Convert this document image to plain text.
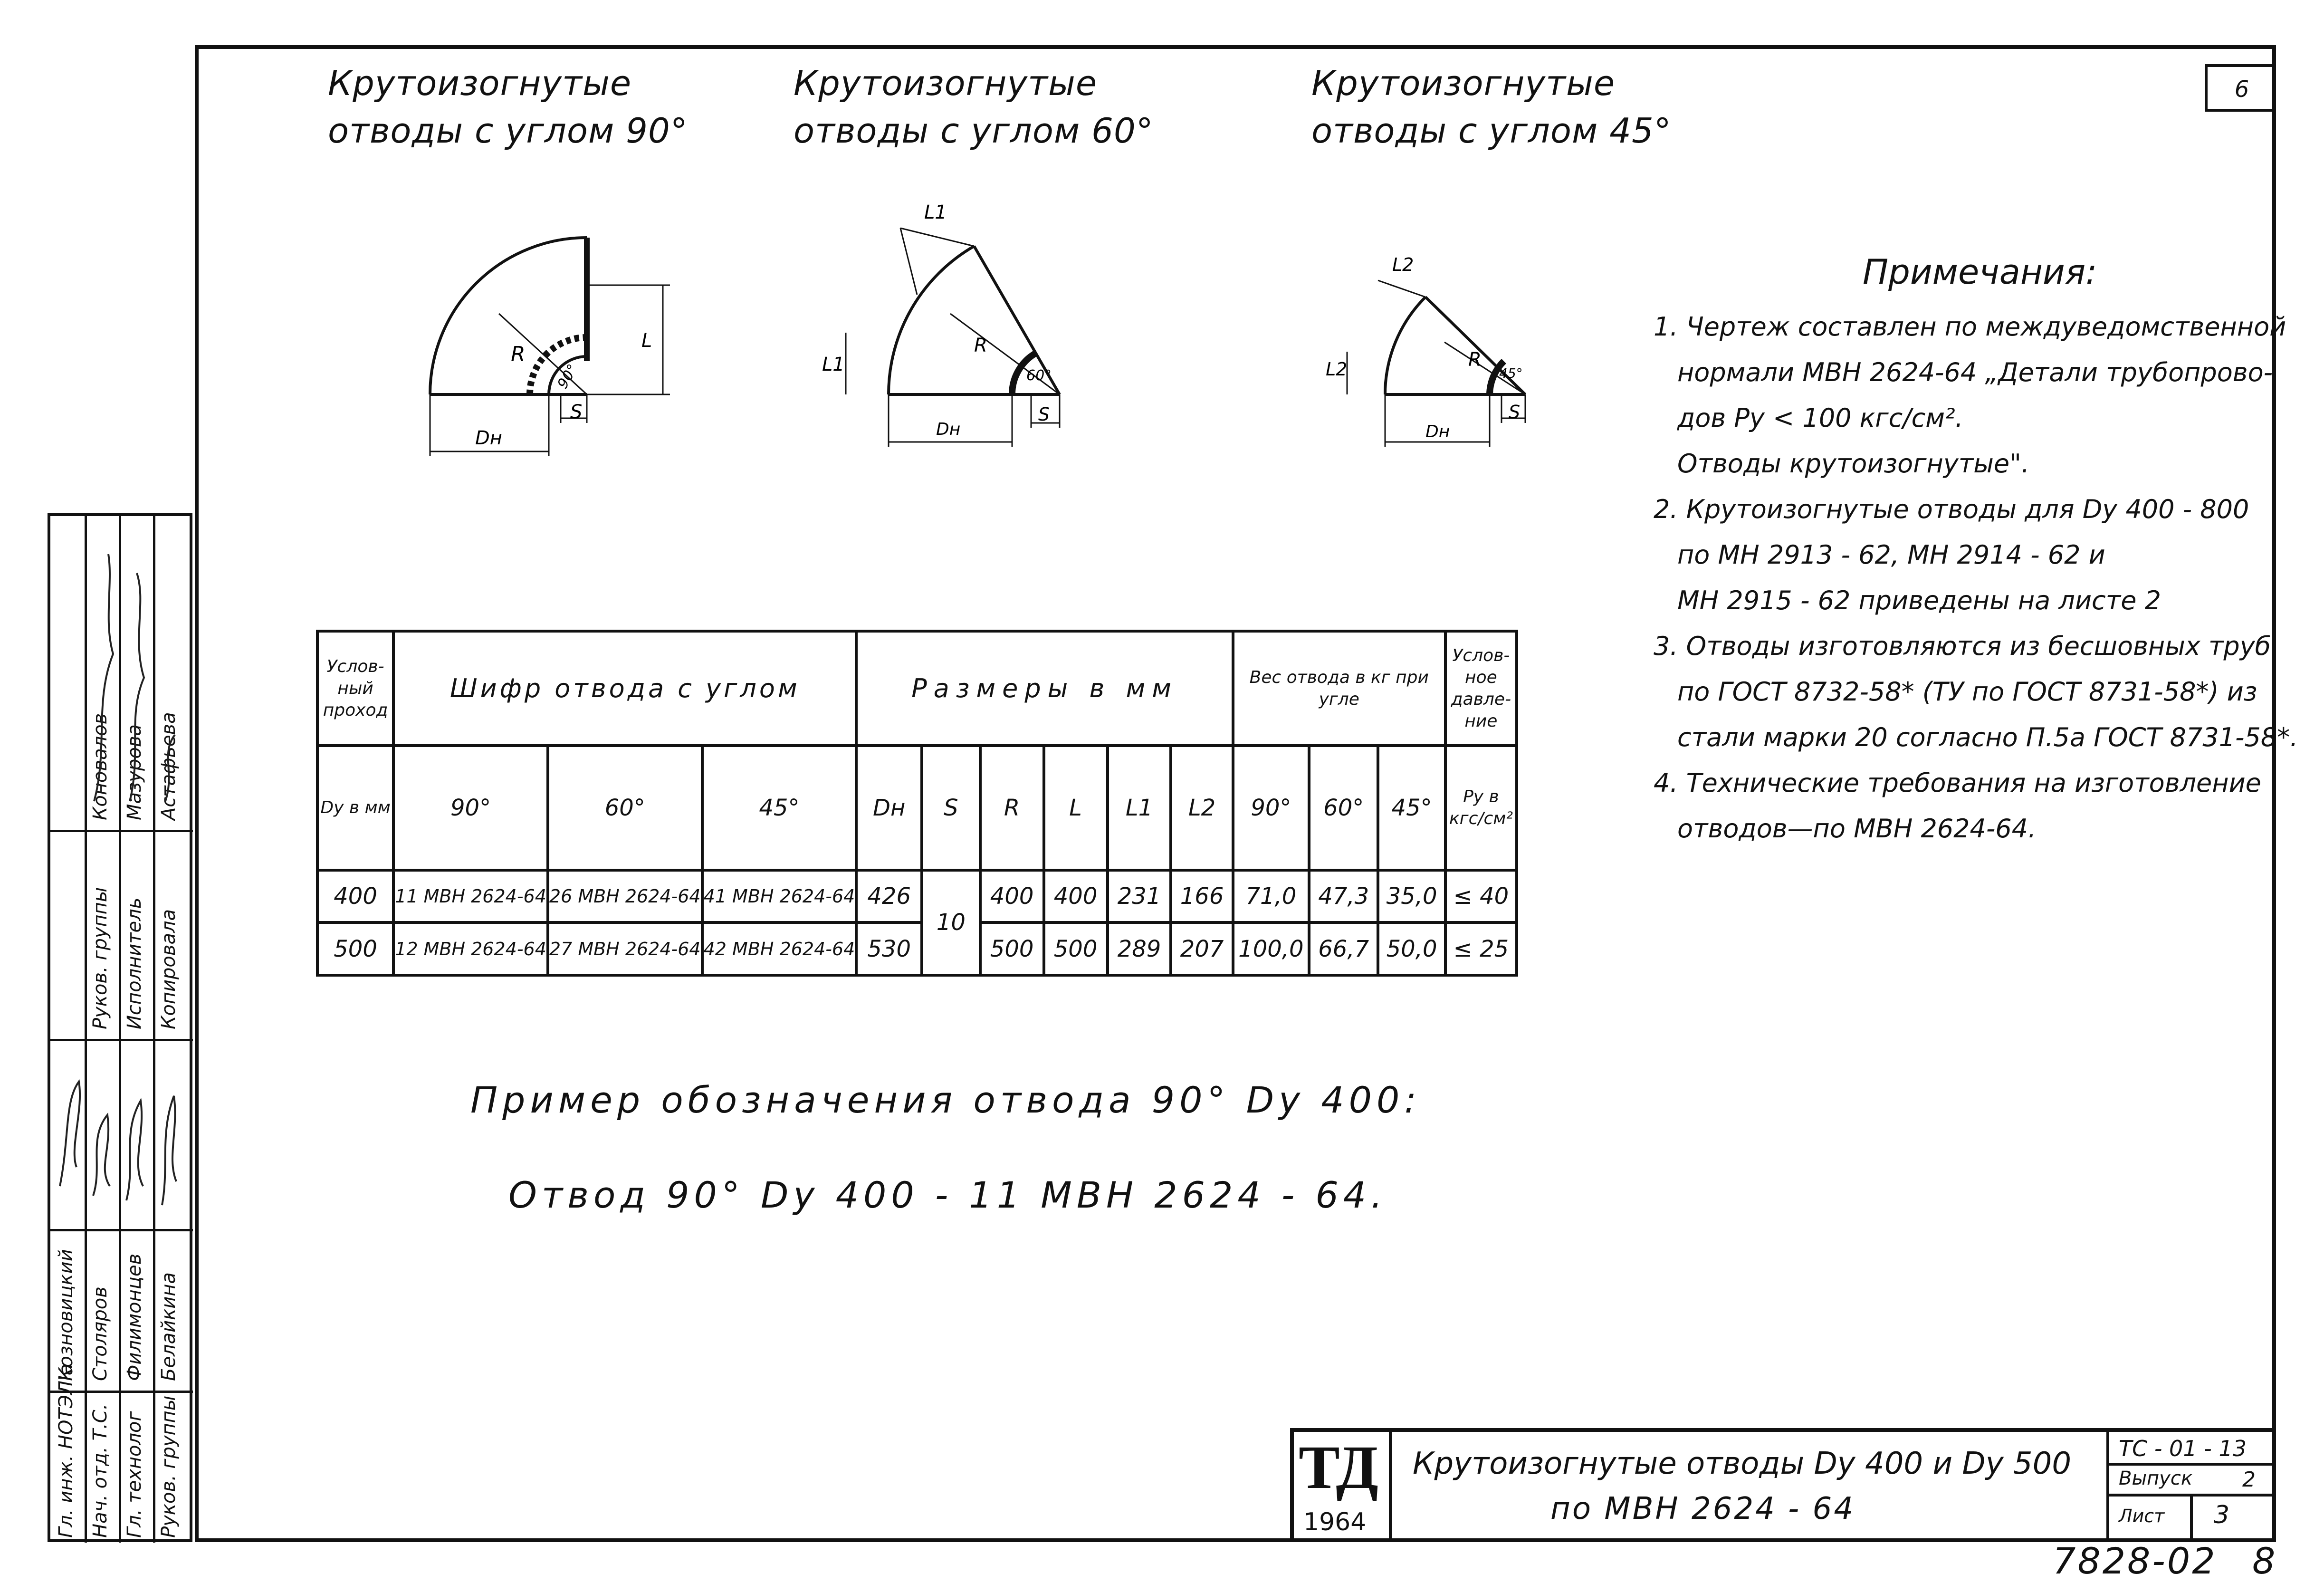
6
Крутоизогнутые
отводы с углом 90°
Крутоизогнутые
отводы с углом 60°
Крутоизогнутые
отводы с углом 45°
R
90°
S
Dн
L
L1
L1
R
60°
S
Dн
L2
L2	R
45°
S
Dн
Примечания:
1. Чертеж составлен по междуведомственной
нормали МВН 2624-64 „Детали трубопрово-
дов Py < 100 кгс/см².
Отводы крутоизогнутые".
2. Крутоизогнутые отводы для Dy 400 - 800
по МН 2913 - 62, МН 2914 - 62 и
МН 2915 - 62 приведены на листе 2
3. Отводы изготовляются из бесшовных труб
по ГОСТ 8732-58* (ТУ по ГОСТ 8731-58*) из
стали марки 20 согласно П.5а ГОСТ 8731-58*.
4. Технические требования на изготовление
отводов—по МВН 2624-64.
Услов-ный проход	Шифр отвода с углом			Размеры в мм						Вес отвода в кг при угле			Услов-ное давле-ние
Dy в мм	90°	60°	45°	Dн	S	R	L	L1	L2	90°	60°	45°	Py в кгс/см²
400	11 МВН 2624-64	26 МВН 2624-64	41 МВН 2624-64	426	10	400	400	231	166	71,0	47,3	35,0	≤ 40
500	12 МВН 2624-64	27 МВН 2624-64	42 МВН 2624-64	530		500	500	289	207	100,0	66,7	50,0	≤ 25
Пример обозначения отвода 90° Dy 400:
Отвод 90° Dy 400 - 11 МВН 2624 - 64.
ТД
1964
Крутоизогнутые отводы Dy 400 и Dy 500
по МВН 2624 - 64
ТС - 01 - 13
Выпуск 2
Лист 3
7828-02 8
Гл. инж. НОТЭЛ'а Нач. отд. Т.С. Гл. технолог Руков. группы
Козновицкий Столяров Филимонцев Белайкина
Руков. группы Исполнитель Копировала
Коновалов Мазурова Астафьева
